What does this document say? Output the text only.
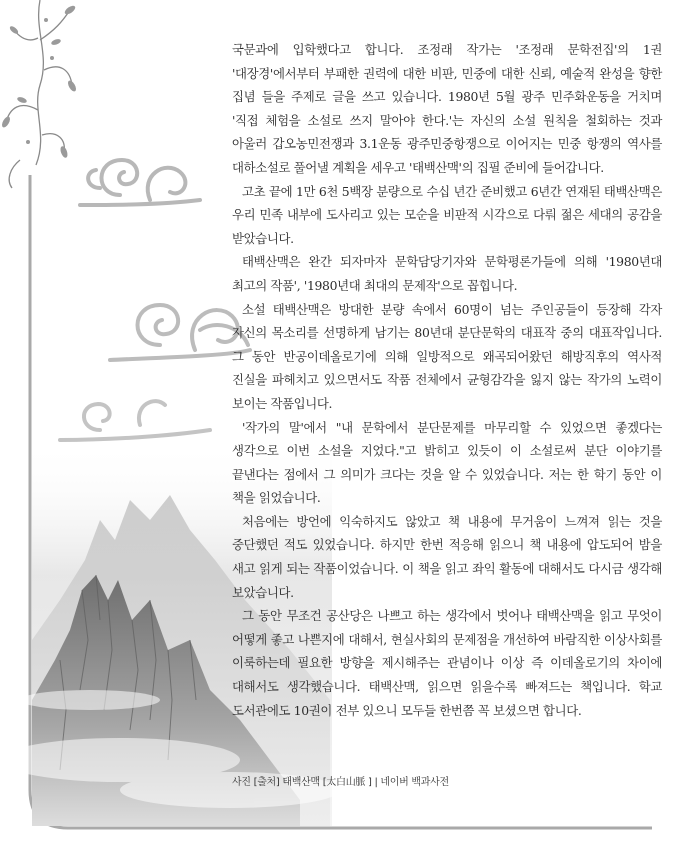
국문과에 입학했다고 합니다. 조정래 작가는 '조정래 문학전집'의 1권 '대장경'에서부터 부패한 권력에 대한 비판, 민중에 대한 신뢰, 예술적 완성을 향한 집념 들을 주제로 글을 쓰고 있습니다. 1980년 5월 광주 민주화운동을 거치며 '직접 체험을 소설로 쓰지 말아야 한다.'는 자신의 소설 원칙을 철회하는 것과 아울러 갑오농민전쟁과 3.1운동 광주민중항쟁으로 이어지는 민중 항쟁의 역사를 대하소설로 풀어낼 계획을 세우고 '태백산맥'의 집필 준비에 들어갑니다.

고초 끝에 1만 6천 5백장 분량으로 수십 년간 준비했고 6년간 연재된 태백산맥은 우리 민족 내부에 도사리고 있는 모순을 비판적 시각으로 다뤄 젊은 세대의 공감을 받았습니다.

태백산맥은 완간 되자마자 문학담당기자와 문학평론가들에 의해 '1980년대 최고의 작품', '1980년대 최대의 문제작'으로 꼽힙니다.

소설 태백산맥은 방대한 분량 속에서 60명이 넘는 주인공들이 등장해 각자 자신의 목소리를 선명하게 남기는 80년대 분단문학의 대표작 중의 대표작입니다. 그 동안 반공이데올로기에 의해 일방적으로 왜곡되어왔던 해방직후의 역사적 진실을 파헤치고 있으면서도 작품 전체에서 균형감각을 잃지 않는 작가의 노력이 보이는 작품입니다.

'작가의 말'에서 "내 문학에서 분단문제를 마무리할 수 있었으면 좋겠다는 생각으로 이번 소설을 지었다."고 밝히고 있듯이 이 소설로써 분단 이야기를 끝낸다는 점에서 그 의미가 크다는 것을 알 수 있었습니다. 저는 한 학기 동안 이 책을 읽었습니다.

처음에는 방언에 익숙하지도 않았고 책 내용에 무거움이 느껴져 읽는 것을 중단했던 적도 있었습니다. 하지만 한번 적응해 읽으니 책 내용에 압도되어 밤을 새고 읽게 되는 작품이었습니다. 이 책을 읽고 좌익 활동에 대해서도 다시금 생각해 보았습니다.

그 동안 무조건 공산당은 나쁘고 하는 생각에서 벗어나 태백산맥을 읽고 무엇이 어떻게 좋고 나쁜지에 대해서, 현실사회의 문제점을 개선하여 바람직한 이상사회를 이룩하는데 필요한 방향을 제시해주는 관념이나 이상 즉 이데올로기의 차이에 대해서도 생각했습니다. 태백산맥, 읽으면 읽을수록 빠져드는 책입니다. 학교 도서관에도 10권이 전부 있으니 모두들 한번쯤 꼭 보셨으면 합니다.

사진 [출처] 태백산맥 [太白山脈 ] | 네이버 백과사전
